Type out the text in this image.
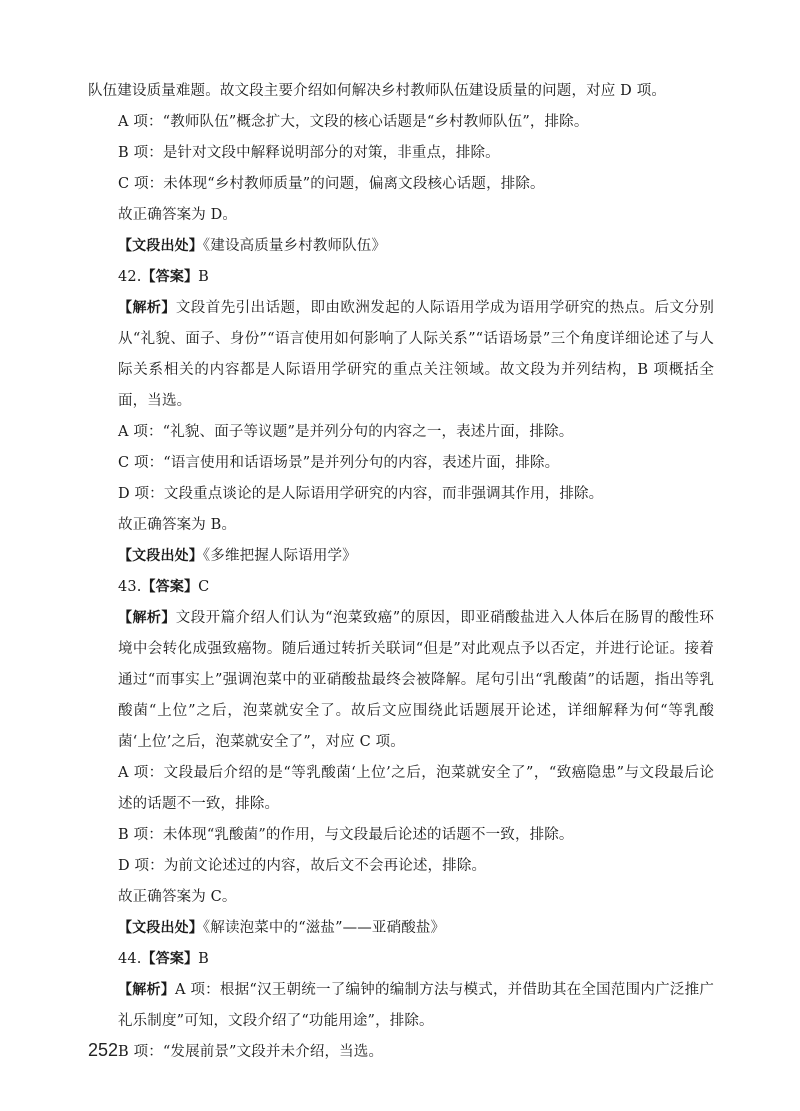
队伍建设质量难题。故文段主要介绍如何解决乡村教师队伍建设质量的问题，对应 D 项。

A 项：“教师队伍”概念扩大，文段的核心话题是“乡村教师队伍”，排除。

B 项：是针对文段中解释说明部分的对策，非重点，排除。

C 项：未体现“乡村教师质量”的问题，偏离文段核心话题，排除。

故正确答案为 D。

【文段出处】《建设高质量乡村教师队伍》

42.【答案】B

【解析】文段首先引出话题，即由欧洲发起的人际语用学成为语用学研究的热点。后文分别从“礼貌、面子、身份”“语言使用如何影响了人际关系”“话语场景”三个角度详细论述了与人际关系相关的内容都是人际语用学研究的重点关注领域。故文段为并列结构，B 项概括全面，当选。

A 项：“礼貌、面子等议题”是并列分句的内容之一，表述片面，排除。

C 项：“语言使用和话语场景”是并列分句的内容，表述片面，排除。

D 项：文段重点谈论的是人际语用学研究的内容，而非强调其作用，排除。

故正确答案为 B。

【文段出处】《多维把握人际语用学》

43.【答案】C

【解析】文段开篇介绍人们认为“泡菜致癌”的原因，即亚硝酸盐进入人体后在肠胃的酸性环境中会转化成强致癌物。随后通过转折关联词“但是”对此观点予以否定，并进行论证。接着通过“而事实上”强调泡菜中的亚硝酸盐最终会被降解。尾句引出“乳酸菌”的话题，指出等乳酸菌“上位”之后，泡菜就安全了。故后文应围绕此话题展开论述，详细解释为何“等乳酸菌‘上位’之后，泡菜就安全了”，对应 C 项。

A 项：文段最后介绍的是“等乳酸菌‘上位’之后，泡菜就安全了”，“致癌隐患”与文段最后论述的话题不一致，排除。

B 项：未体现“乳酸菌”的作用，与文段最后论述的话题不一致，排除。

D 项：为前文论述过的内容，故后文不会再论述，排除。

故正确答案为 C。

【文段出处】《解读泡菜中的“滋盐”——亚硝酸盐》

44.【答案】B

【解析】A 项：根据“汉王朝统一了编钟的编制方法与模式，并借助其在全国范围内广泛推广礼乐制度”可知，文段介绍了“功能用途”，排除。

B 项：“发展前景”文段并未介绍，当选。

252
